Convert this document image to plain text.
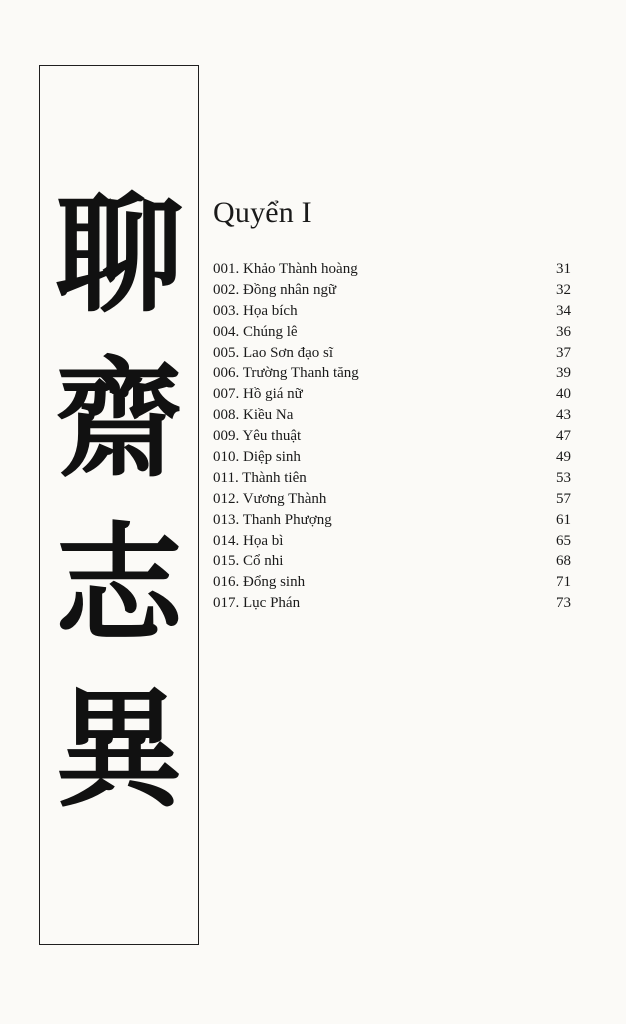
聊
齋
志
異
Quyển I
001. Khảo Thành hoàng	31
002. Đồng nhân ngữ	32
003. Họa bích	34
004. Chúng lê	36
005. Lao Sơn đạo sĩ	37
006. Trường Thanh tăng	39
007. Hồ giá nữ	40
008. Kiều Na	43
009. Yêu thuật	47
010. Diệp sinh	49
011. Thành tiên	53
012. Vương Thành	57
013. Thanh Phượng	61
014. Họa bì	65
015. Cổ nhi	68
016. Đổng sinh	71
017. Lục Phán	73
